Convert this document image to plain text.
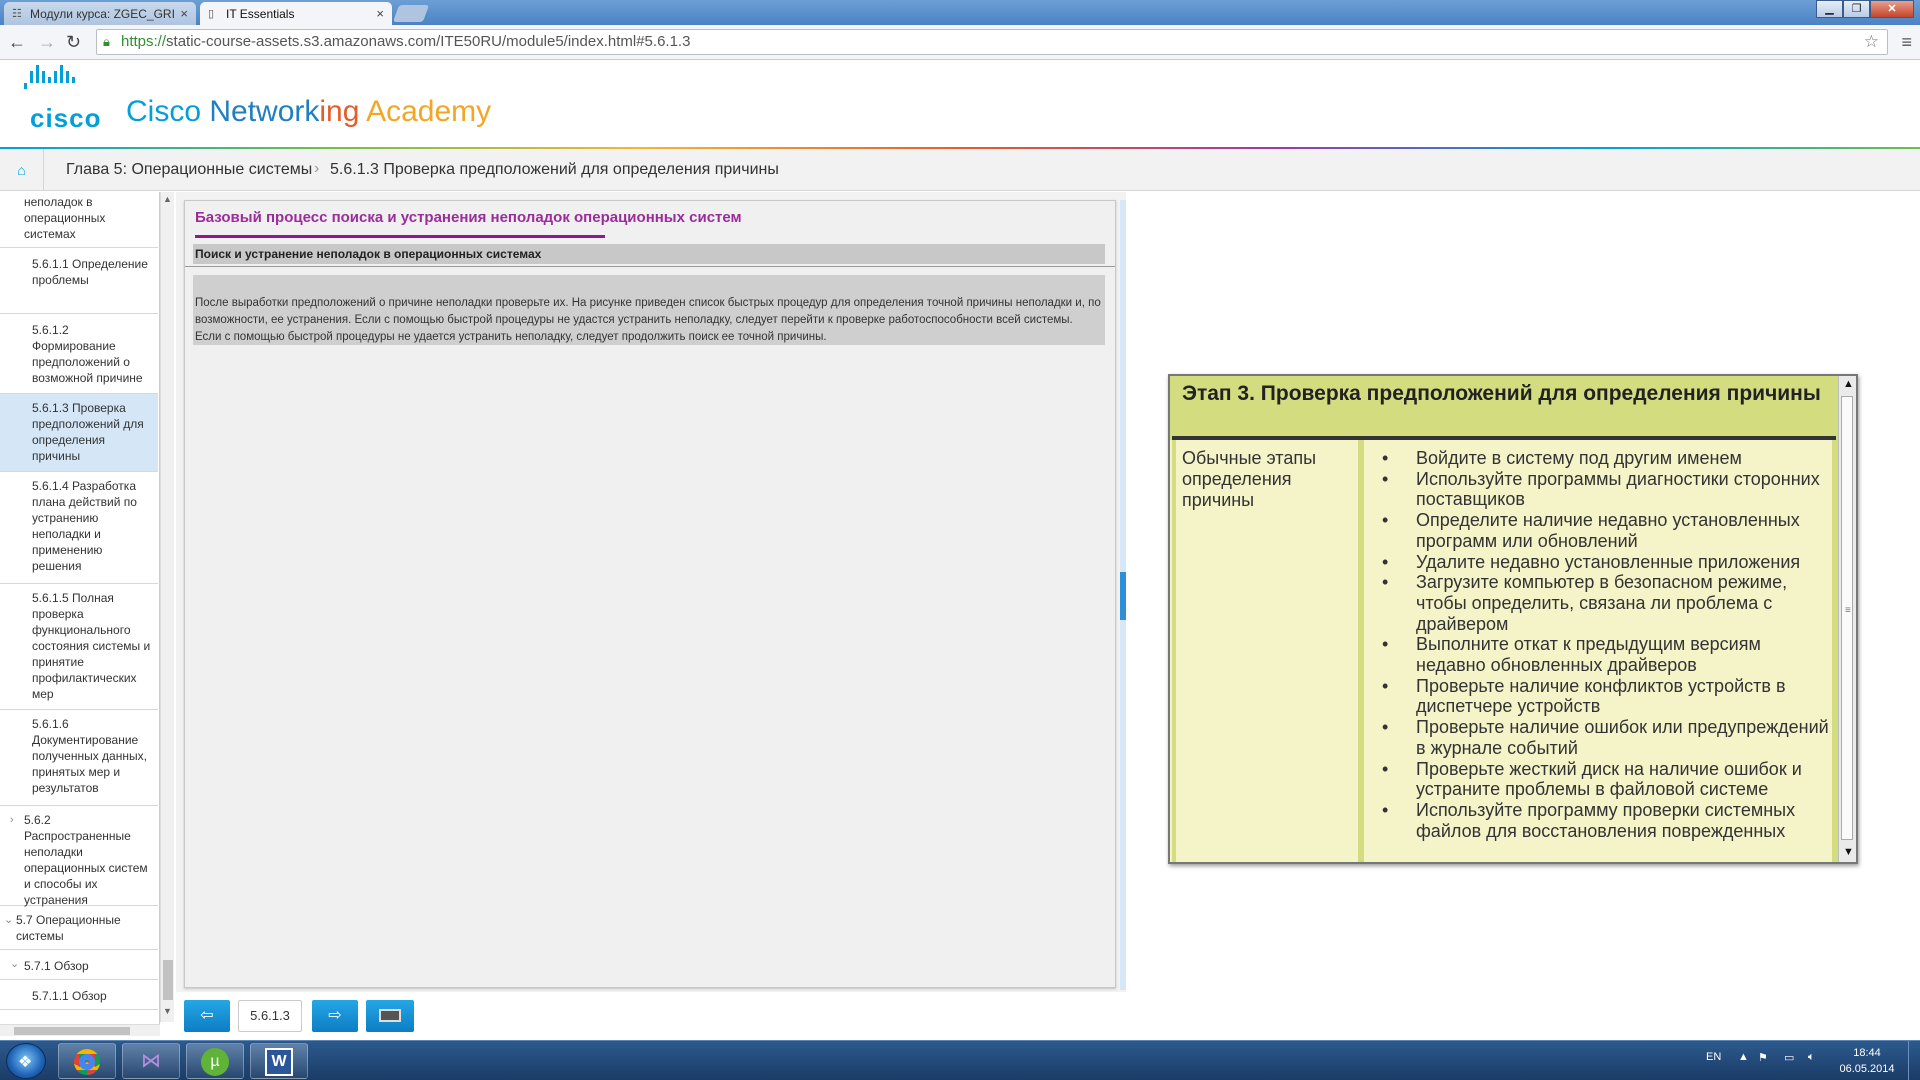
☷ Модули курса: ZGEC_GRI × ▯ IT Essentials	×	▁	❐	✕
← → ↻ 🔒︎ https://static-course-assets.s3.amazonaws.com/ITE50RU/module5/index.html#5.6.1.3	☆ ≡
cisco Cisco Networking Academy
⌂	Глава 5: Операционные системы › 5.6.1.3 Проверка предположений для определения причины
неполадок в операционных системах
5.6.1.1 Определение проблемы
5.6.1.2 Формирование предположений о возможной причине
5.6.1.3 Проверка предположений для определения причины
5.6.1.4 Разработка плана действий по устранению неполадки и применению решения
5.6.1.5 Полная проверка функционального состояния системы и принятие профилактических мер
5.6.1.6 Документирование полученных данных, принятых мер и результатов
› 5.6.2 Распространенные неполадки операционных систем и способы их устранения
⌄ 5.7 Операционные системы
⌄ 5.7.1 Обзор
5.7.1.1 Обзор
▲
▼
Базовый процесс поиска и устранения неполадок операционных систем
Поиск и устранение неполадок в операционных системах
После выработки предположений о причине неполадки проверьте их. На рисунке приведен список быстрых процедур для определения точной причины неполадки и, по возможности, ее устранения. Если с помощью быстрой процедуры не удастся устранить неполадку, следует перейти к проверке работоспособности всей системы. Если с помощью быстрой процедуры не удается устранить неполадку, следует продолжить поиск ее точной причины.
⇦	5.6.1.3	⇨
Этап 3. Проверка предположений для определения причины
Обычные этапы определения причины
• Войдите в систему под другим именем
• Используйте программы диагностики сторонних поставщиков
• Определите наличие недавно установленных программ или обновлений
• Удалите недавно установленные приложения
• Загрузите компьютер в безопасном режиме, чтобы определить, связана ли проблема с драйвером
• Выполните откат к предыдущим версиям недавно обновленных драйверов
• Проверьте наличие конфликтов устройств в диспетчере устройств
• Проверьте наличие ошибок или предупреждений в журнале событий
• Проверьте жесткий диск на наличие ошибок и устраните проблемы в файловой системе
• Используйте программу проверки системных файлов для восстановления поврежденных
▲
≡
▼
❖	⋈	µ	W	EN ▲ ⚑ ▭ 🔈︎	18:44
06.05.2014
